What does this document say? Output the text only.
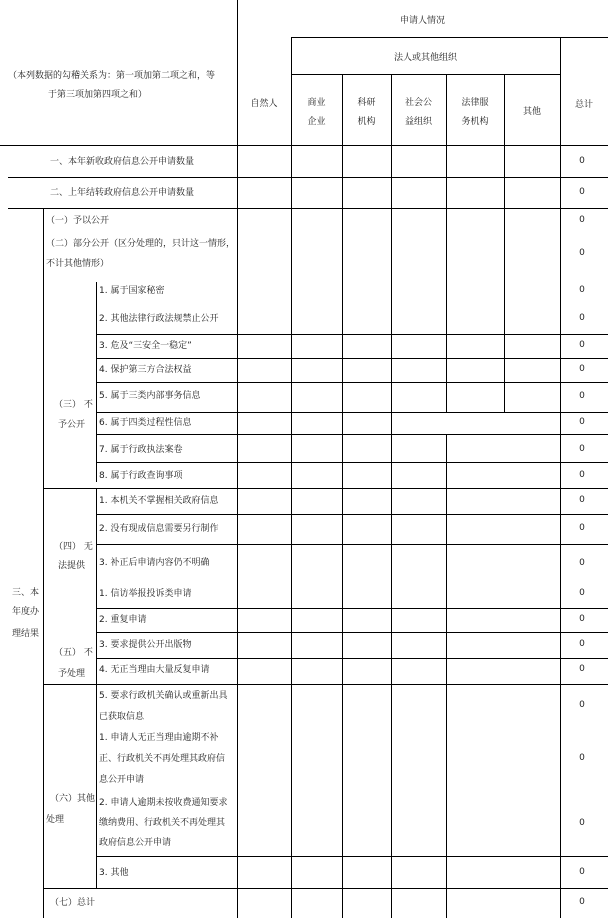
申请人情况
法人或其他组织
（本列数据的勾稽关系为：第一项加第二项之和，等
于第三项加第四项之和）
自然人	商业
企业
科研
机构
社会公
益组织
法律服
务机构
其他
总计
一、本年新收政府信息公开申请数量
二、上年结转政府信息公开申请数量
三、本
年度办
理结果
（一）予以公开
（二）部分公开（区分处理的，只计这一情形，
不计其他情形）
（三） 不
予公开
1. 属于国家秘密
2. 其他法律行政法规禁止公开
3. 危及“三安全一稳定”
4. 保护第三方合法权益
5. 属于三类内部事务信息
6. 属于四类过程性信息
7. 属于行政执法案卷
8. 属于行政查询事项
（四） 无
法提供
1. 本机关不掌握相关政府信息
2. 没有现成信息需要另行制作
3. 补正后申请内容仍不明确
（五） 不
予处理
1. 信访举报投诉类申请
2. 重复申请
3. 要求提供公开出版物
4. 无正当理由大量反复申请
5. 要求行政机关确认或重新出具
已获取信息
（六）其他
处理
1. 申请人无正当理由逾期不补
正、行政机关不再处理其政府信
息公开申请
2. 申请人逾期未按收费通知要求
缴纳费用、行政机关不再处理其
政府信息公开申请
3. 其他
（七）总计
0
0
0
0
0
0
0
0
0
0
0
0
0
0
0
0
0
0
0
0
0
0
0
0
